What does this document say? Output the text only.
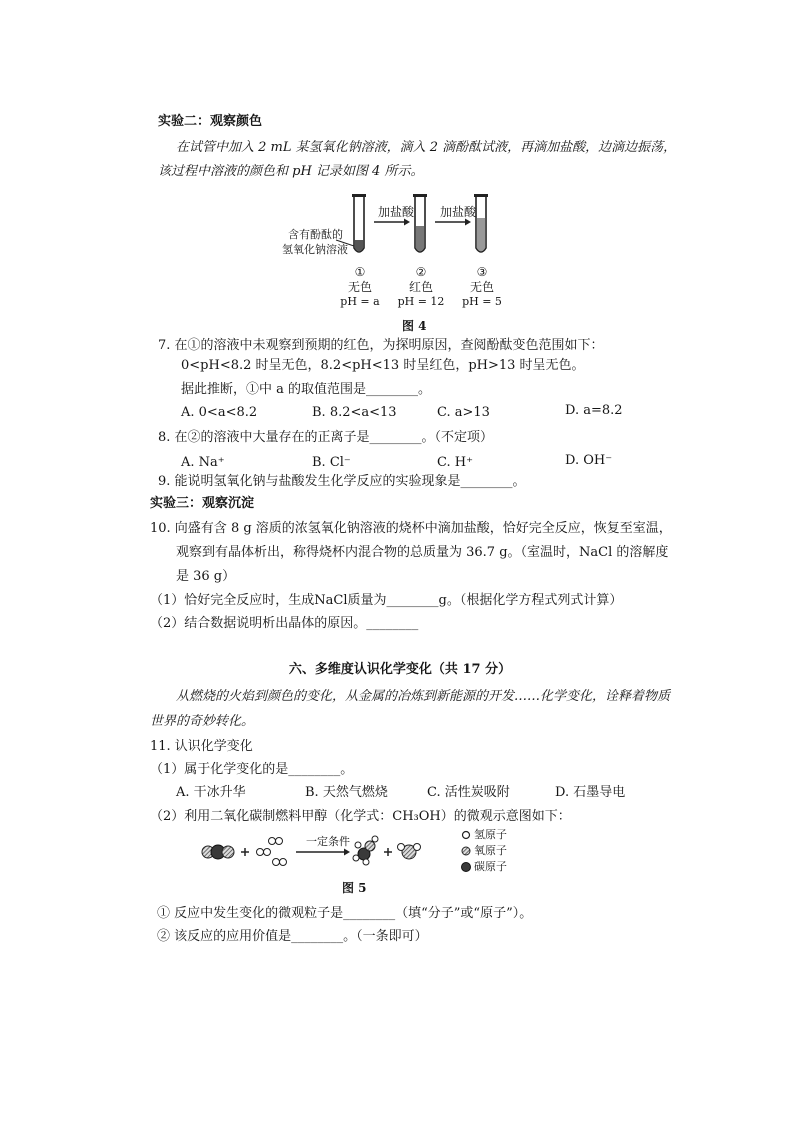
实验二：观察颜色
在试管中加入 2 mL 某氢氧化钠溶液，滴入 2 滴酚酞试液，再滴加盐酸，边滴边振荡，
该过程中溶液的颜色和 pH 记录如图 4 所示。
加盐酸 加盐酸
含有酚酞的
氢氧化钠溶液
①
无色
pH = a
②
红色
pH = 12
③
无色
pH = 5
图 4
7. 在①的溶液中未观察到预期的红色，为探明原因，查阅酚酞变色范围如下：
0<pH<8.2 时呈无色，8.2<pH<13 时呈红色，pH>13 时呈无色。
据此推断，①中 a 的取值范围是________。
A. 0<a<8.2	B. 8.2<a<13	C. a>13	D. a=8.2
8. 在②的溶液中大量存在的正离子是________。（不定项）
A. Na⁺	B. Cl⁻	C. H⁺	D. OH⁻
9. 能说明氢氧化钠与盐酸发生化学反应的实验现象是________。
实验三：观察沉淀
10. 向盛有含 8 g 溶质的浓氢氧化钠溶液的烧杯中滴加盐酸，恰好完全反应，恢复至室温，
观察到有晶体析出，称得烧杯内混合物的总质量为 36.7 g。（室温时，NaCl 的溶解度
是 36 g）
（1）恰好完全反应时，生成NaCl质量为________g。（根据化学方程式列式计算）
（2）结合数据说明析出晶体的原因。________
六、多维度认识化学变化（共 17 分）
从燃烧的火焰到颜色的变化，从金属的冶炼到新能源的开发……化学变化，诠释着物质
世界的奇妙转化。
11. 认识化学变化
（1）属于化学变化的是________。
A. 干冰升华	B. 天然气燃烧	C. 活性炭吸附	D. 石墨导电
（2）利用二氧化碳制燃料甲醇（化学式：CH₃OH）的微观示意图如下：
一定条件
氢原子
氧原子
碳原子
图 5
① 反应中发生变化的微观粒子是________（填“分子”或“原子”）。
② 该反应的应用价值是________。（一条即可）
